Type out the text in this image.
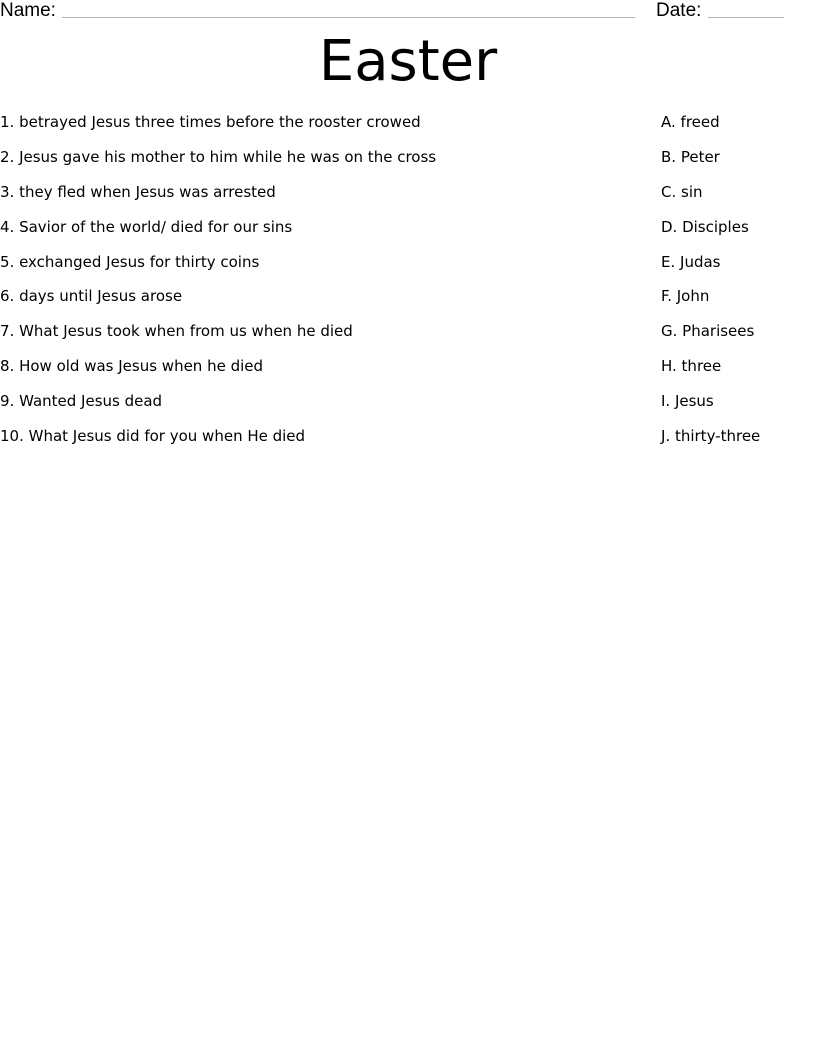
Name:	Date:
Easter
1. betrayed Jesus three times before the rooster crowed
2. Jesus gave his mother to him while he was on the cross
3. they fled when Jesus was arrested
4. Savior of the world/ died for our sins
5. exchanged Jesus for thirty coins
6. days until Jesus arose
7. What Jesus took when from us when he died
8. How old was Jesus when he died
9. Wanted Jesus dead
10. What Jesus did for you when He died
A. freed
B. Peter
C. sin
D. Disciples
E. Judas
F. John
G. Pharisees
H. three
I. Jesus
J. thirty-three
